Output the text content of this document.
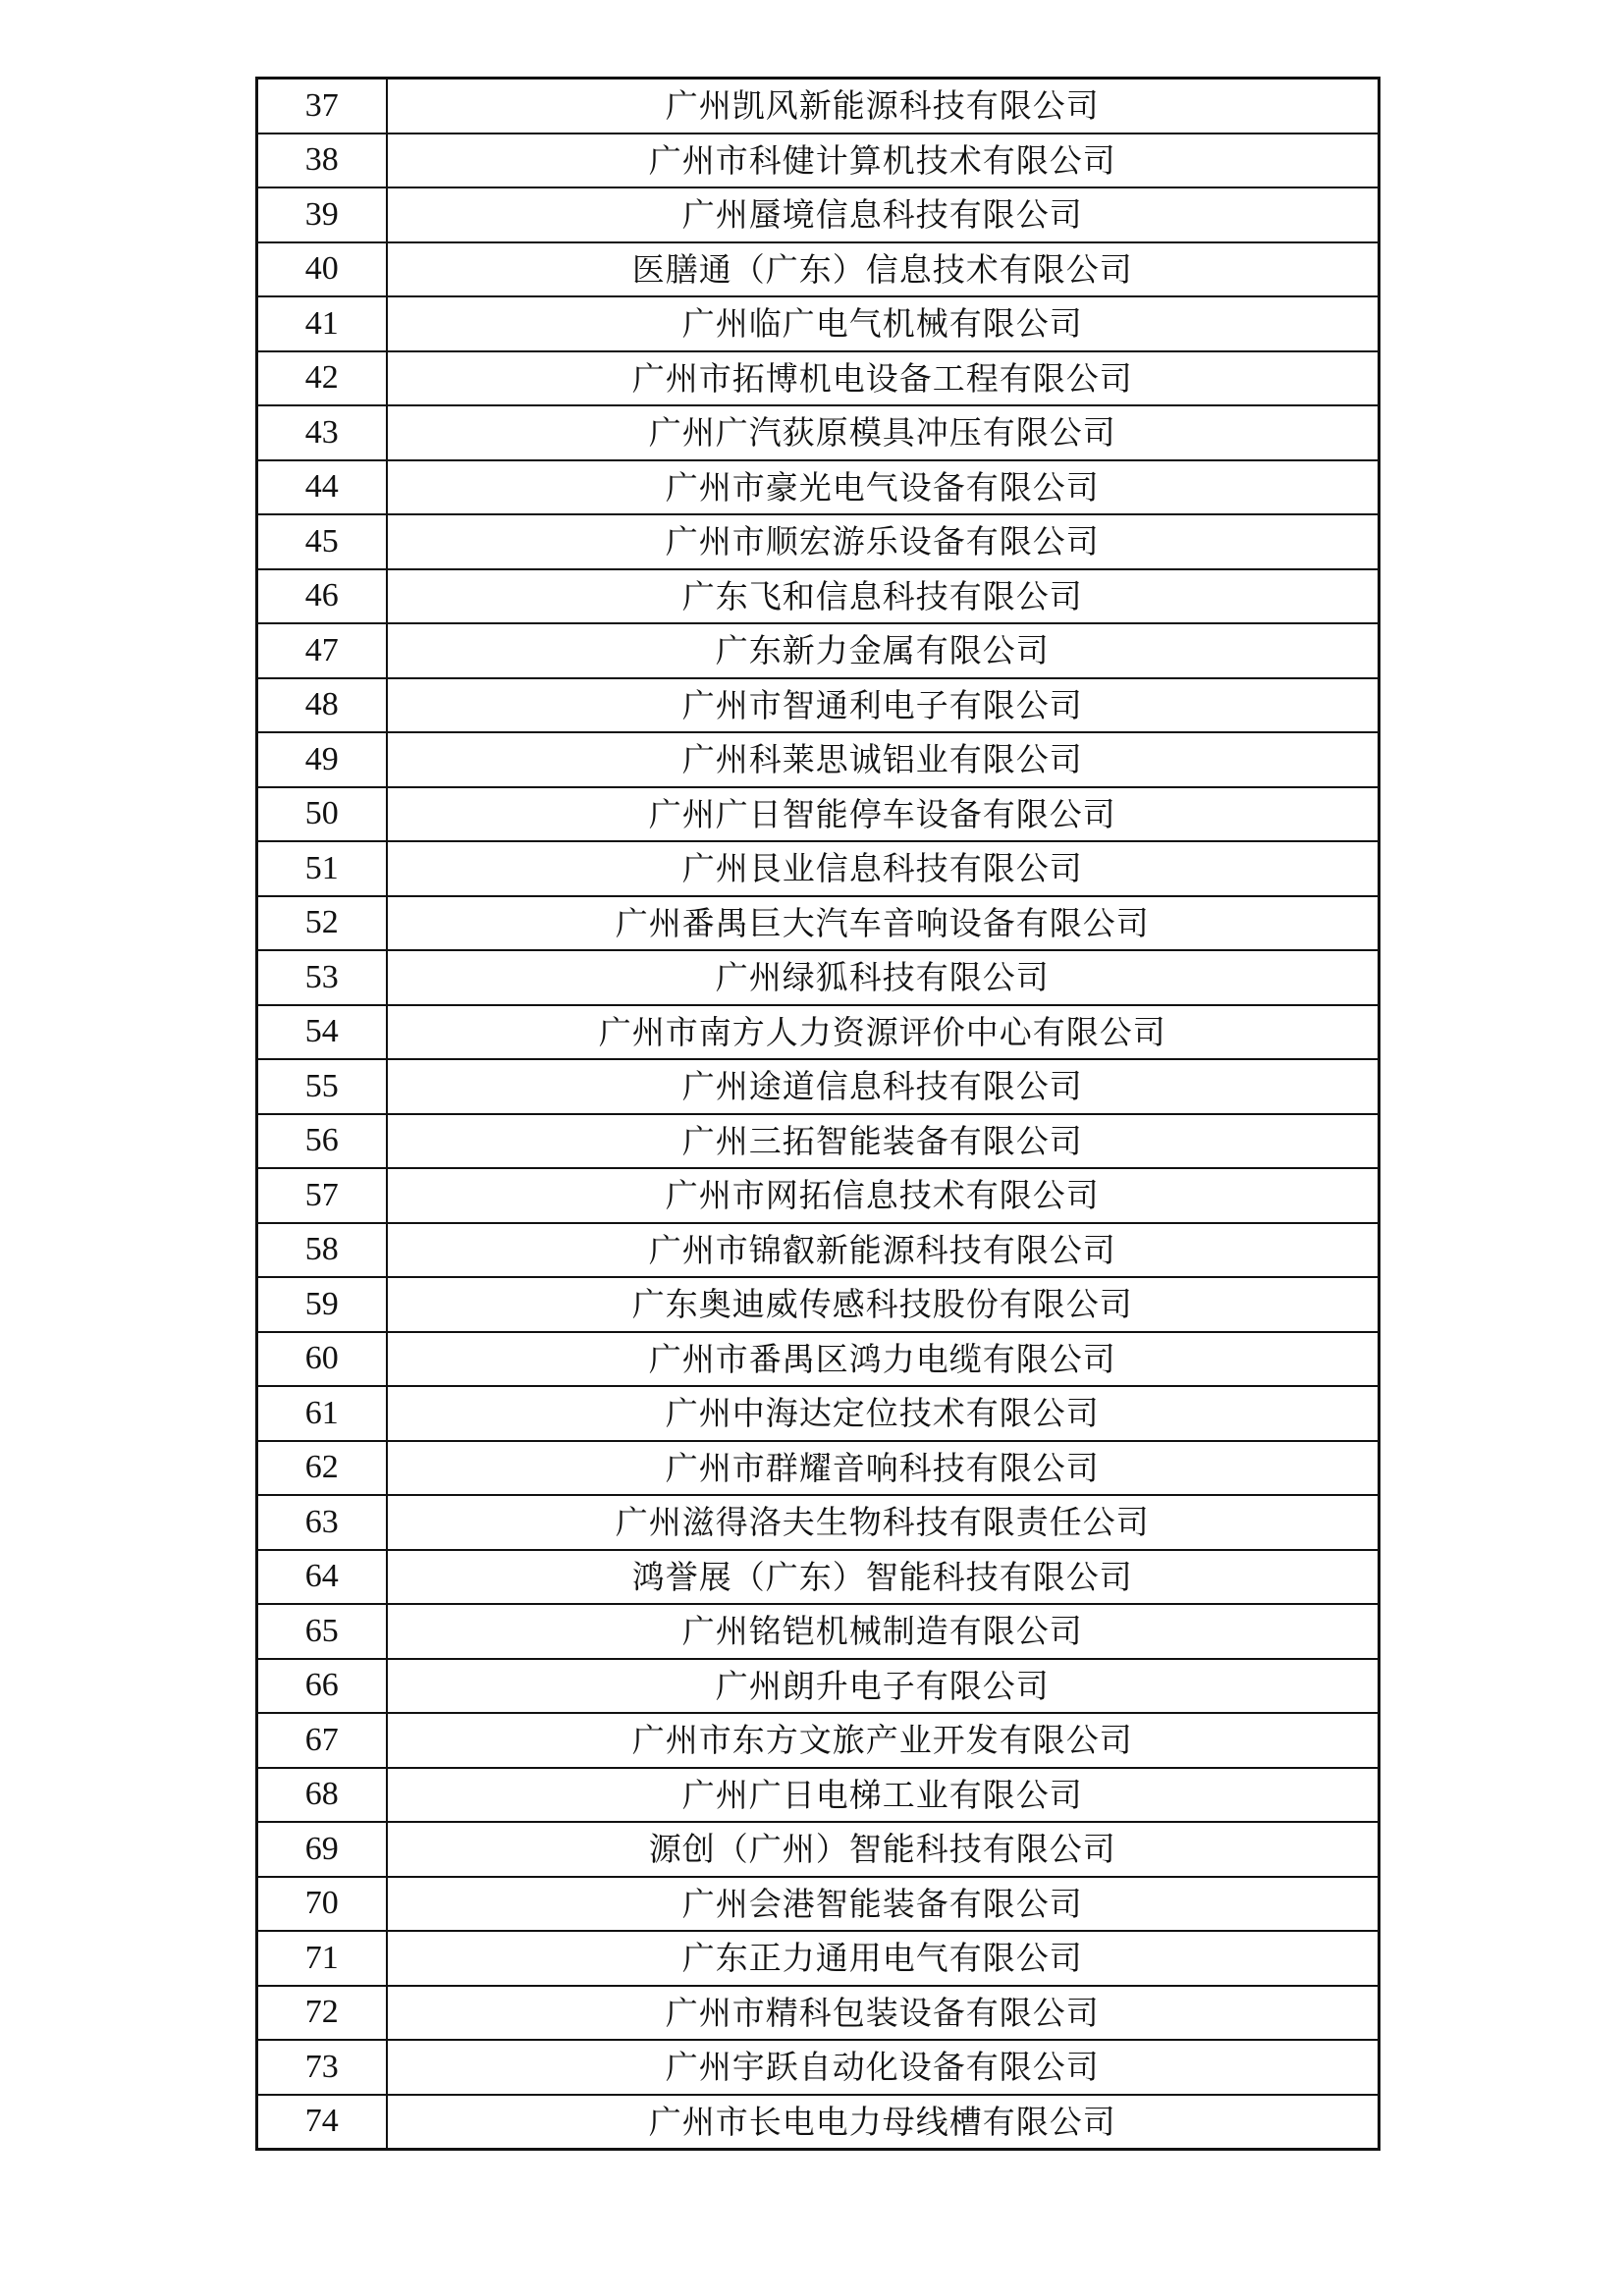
37	广州凯风新能源科技有限公司
38	广州市科健计算机技术有限公司
39	广州蜃境信息科技有限公司
40	医膳通（广东）信息技术有限公司
41	广州临广电气机械有限公司
42	广州市拓博机电设备工程有限公司
43	广州广汽荻原模具冲压有限公司
44	广州市豪光电气设备有限公司
45	广州市顺宏游乐设备有限公司
46	广东飞和信息科技有限公司
47	广东新力金属有限公司
48	广州市智通利电子有限公司
49	广州科莱思诚铝业有限公司
50	广州广日智能停车设备有限公司
51	广州艮业信息科技有限公司
52	广州番禺巨大汽车音响设备有限公司
53	广州绿狐科技有限公司
54	广州市南方人力资源评价中心有限公司
55	广州途道信息科技有限公司
56	广州三拓智能装备有限公司
57	广州市网拓信息技术有限公司
58	广州市锦叡新能源科技有限公司
59	广东奥迪威传感科技股份有限公司
60	广州市番禺区鸿力电缆有限公司
61	广州中海达定位技术有限公司
62	广州市群耀音响科技有限公司
63	广州滋得洛夫生物科技有限责任公司
64	鸿誉展（广东）智能科技有限公司
65	广州铭铠机械制造有限公司
66	广州朗升电子有限公司
67	广州市东方文旅产业开发有限公司
68	广州广日电梯工业有限公司
69	源创（广州）智能科技有限公司
70	广州会港智能装备有限公司
71	广东正力通用电气有限公司
72	广州市精科包装设备有限公司
73	广州宇跃自动化设备有限公司
74	广州市长电电力母线槽有限公司
